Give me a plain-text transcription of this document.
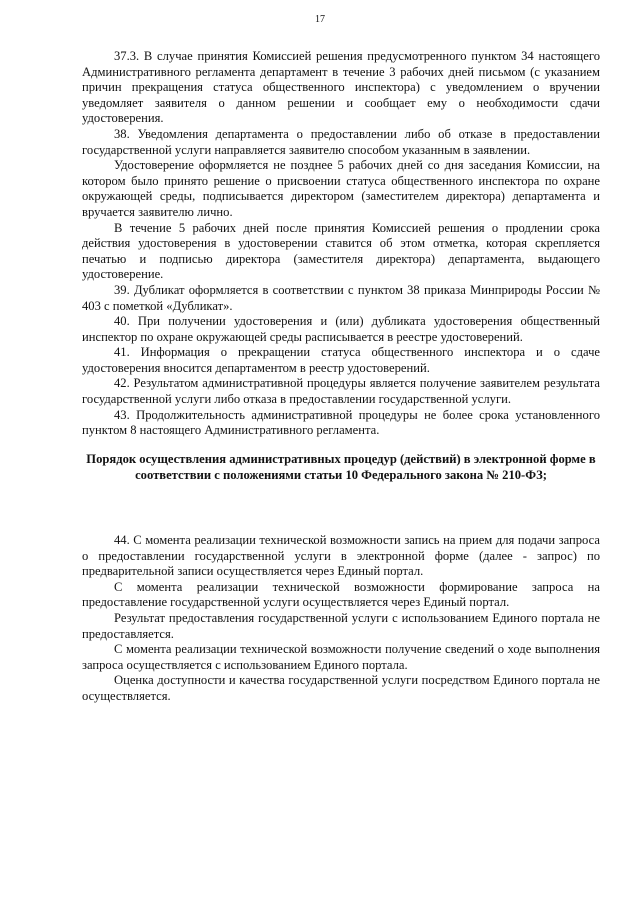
17

37.3. В случае принятия Комиссией решения предусмотренного пунктом 34 настоящего Административного регламента департамент в течение 3 рабочих дней письмом (с указанием причин прекращения статуса общественного инспектора) с уведомлением о вручении уведомляет заявителя о данном решении и сообщает ему о необходимости сдачи удостоверения.

38. Уведомления департамента о предоставлении либо об отказе в предоставлении государственной услуги направляется заявителю способом указанным в заявлении.

Удостоверение оформляется не позднее 5 рабочих дней со дня заседания Комиссии, на котором было принято решение о присвоении статуса общественного инспектора по охране окружающей среды, подписывается директором (заместителем директора) департамента и вручается заявителю лично.

В течение 5 рабочих дней после принятия Комиссией решения о продлении срока действия удостоверения в удостоверении ставится об этом отметка, которая скрепляется печатью и подписью директора (заместителя директора) департамента, выдающего удостоверение.

39. Дубликат оформляется в соответствии с пунктом 38 приказа Минприроды России № 403 с пометкой «Дубликат».

40. При получении удостоверения и (или) дубликата удостоверения общественный инспектор по охране окружающей среды расписывается в реестре удостоверений.

41. Информация о прекращении статуса общественного инспектора и о сдаче удостоверения вносится департаментом в реестр удостоверений.

42. Результатом административной процедуры является получение заявителем результата государственной услуги либо отказа в предоставлении государственной услуги.

43. Продолжительность административной процедуры не более срока установленного пунктом 8 настоящего Административного регламента.

Порядок осуществления административных процедур (действий) в электронной форме в соответствии с положениями статьи 10 Федерального закона № 210-ФЗ;

44. С момента реализации технической возможности запись на прием для подачи запроса о предоставлении государственной услуги в электронной форме (далее - запрос) по предварительной записи осуществляется через Единый портал.

С момента реализации технической возможности формирование запроса на предоставление государственной услуги осуществляется через Единый портал.

Результат предоставления государственной услуги с использованием Единого портала не предоставляется.

С момента реализации технической возможности получение сведений о ходе выполнения запроса осуществляется с использованием Единого портала.

Оценка доступности и качества государственной услуги посредством Единого портала не осуществляется.
